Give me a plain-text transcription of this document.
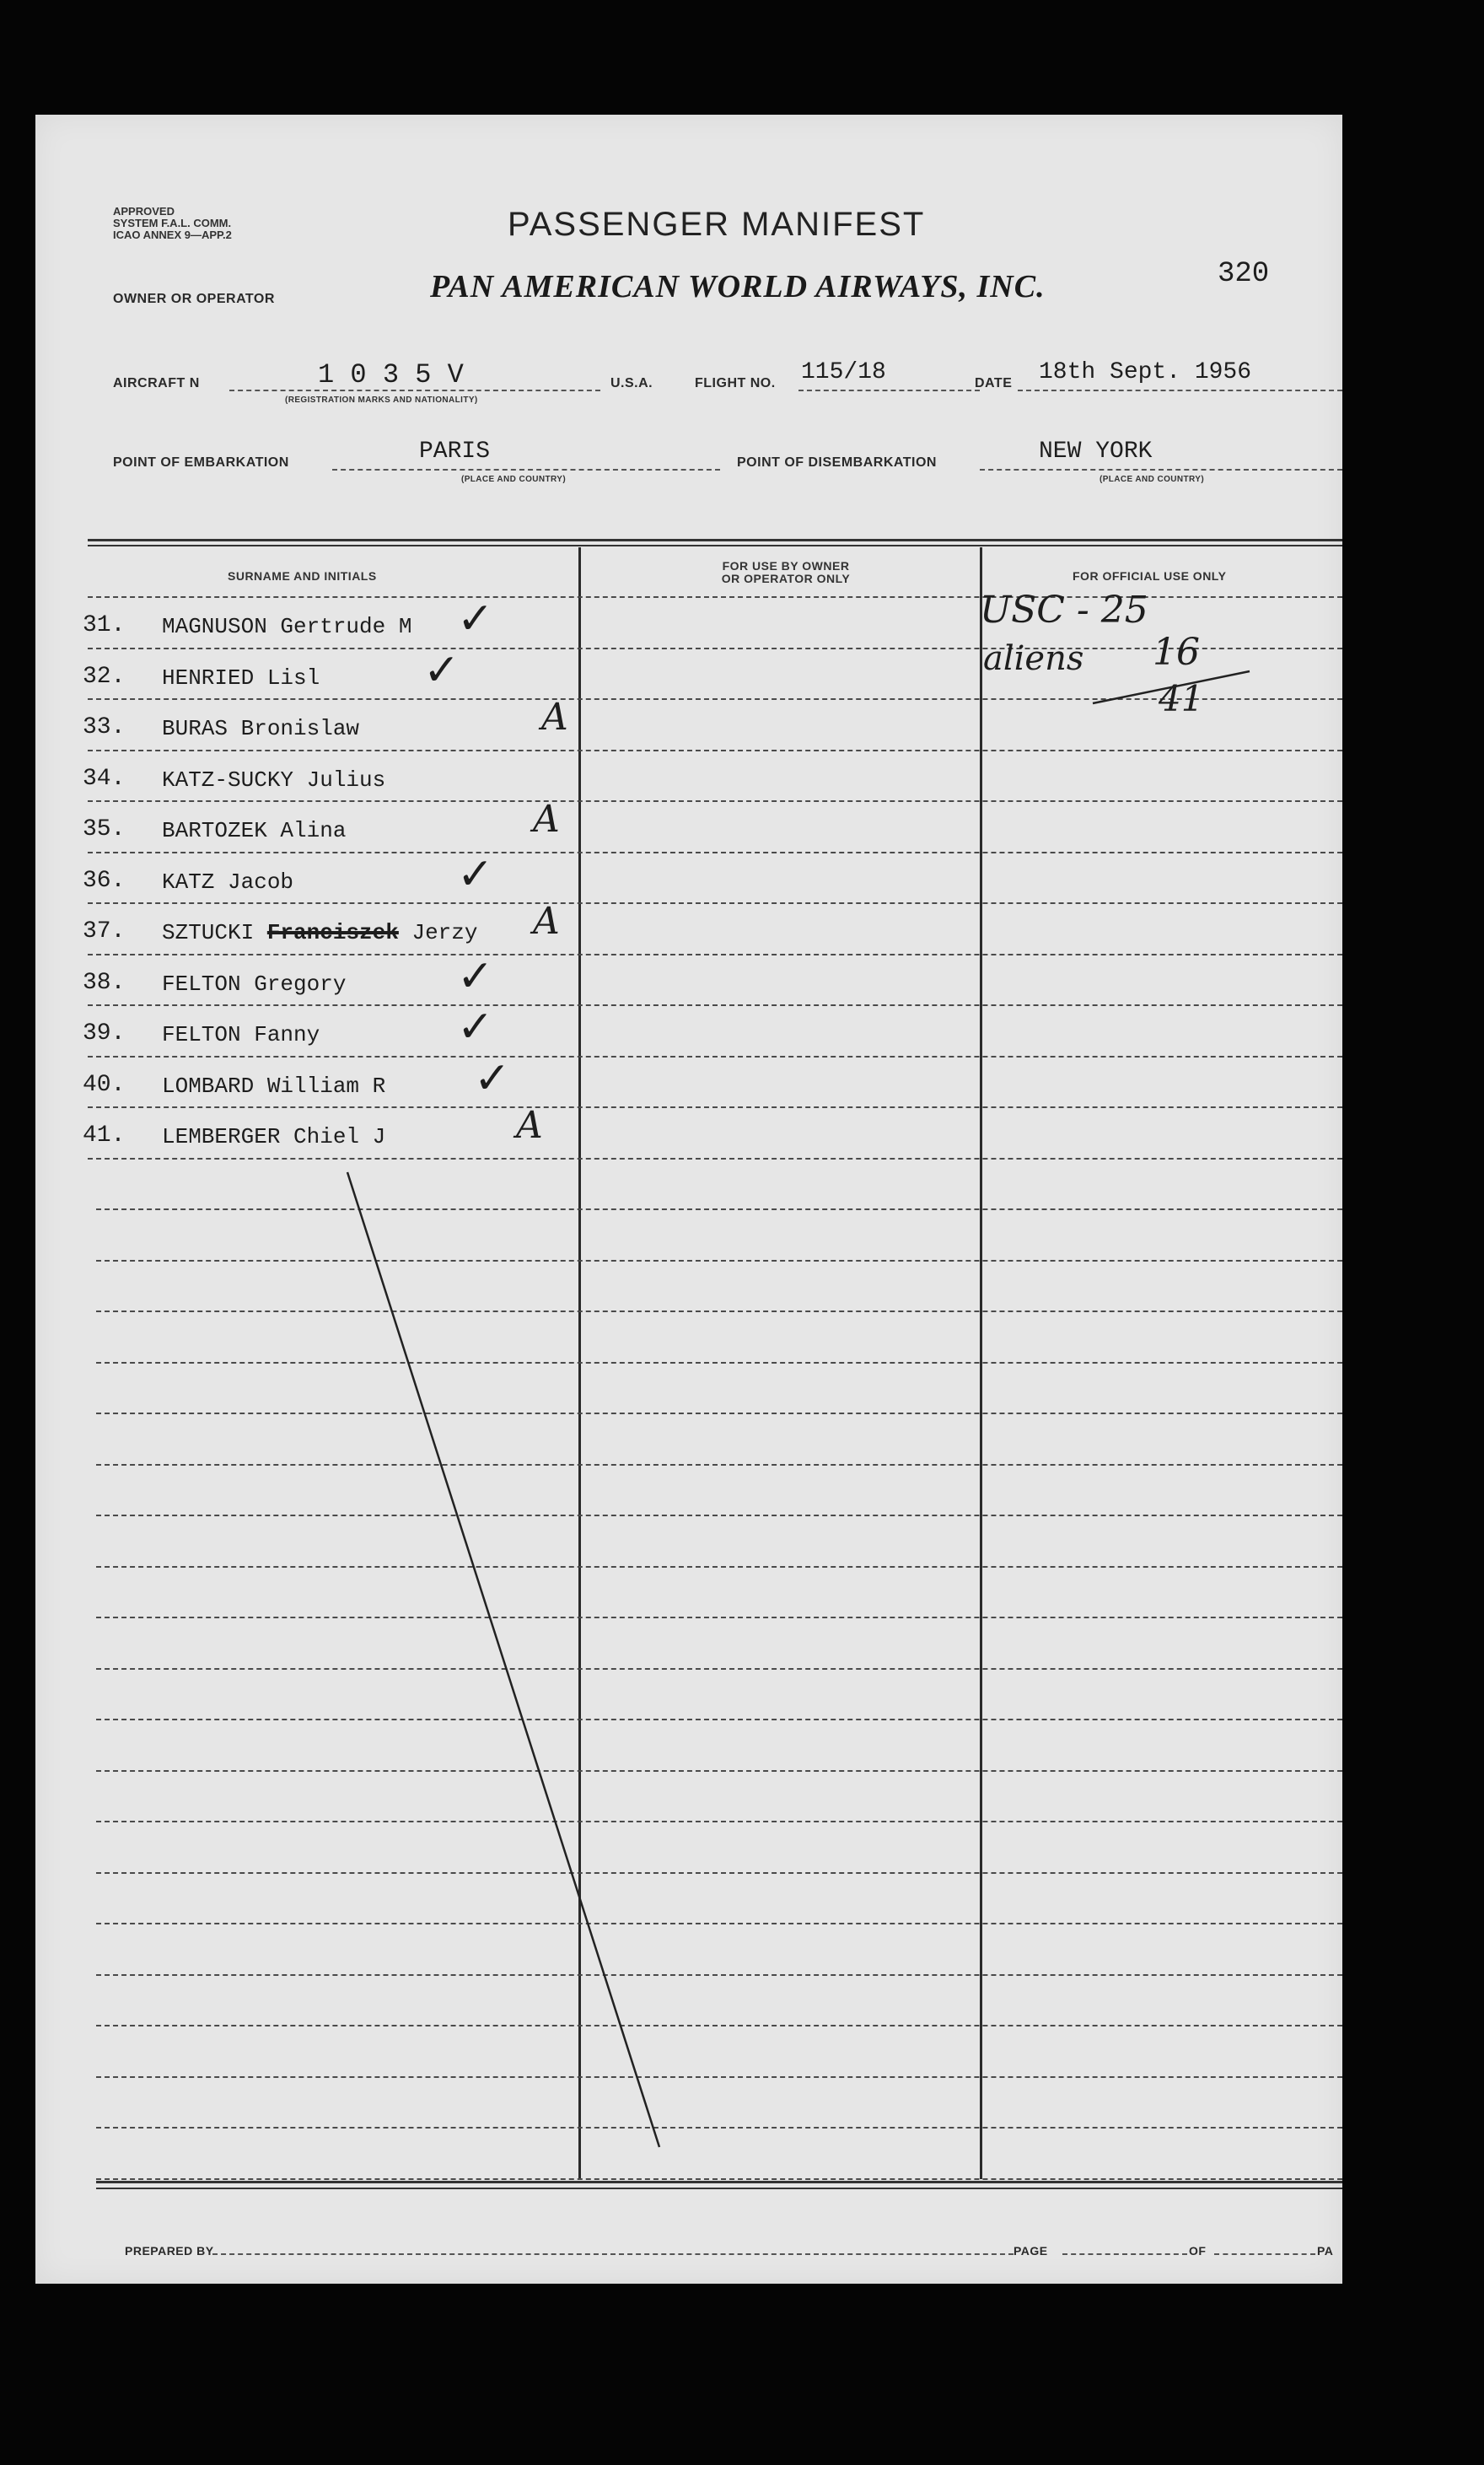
APPROVED
SYSTEM F.A.L. COMM.
ICAO ANNEX 9—APP.2	PASSENGER MANIFEST
OWNER OR OPERATOR	PAN AMERICAN WORLD AIRWAYS, INC.	320
AIRCRAFT N	1 0 3 5 V
(REGISTRATION MARKS AND NATIONALITY)
U.S.A.	FLIGHT NO. 115/18	DATE 18th Sept. 1956
POINT OF EMBARKATION	PARIS
(PLACE AND COUNTRY)
POINT OF DISEMBARKATION	NEW YORK
(PLACE AND COUNTRY)
SURNAME AND INITIALS
FOR USE BY OWNER
OR OPERATOR ONLY	FOR OFFICIAL USE ONLY
31. MAGNUSON Gertrude M ✓
32. HENRIED Lisl ✓
33. BURAS Bronislaw	A
34. KATZ-SUCKY Julius
35. BARTOZEK Alina	A
36. KATZ Jacob	✓
37. SZTUCKI Franciszek Jerzy A
38. FELTON Gregory	✓
39. FELTON Fanny	✓
40. LOMBARD William R ✓
41. LEMBERGER Chiel J	A
USC - 25
aliens 16
41
PREPARED BY	PAGE	OF	PA
